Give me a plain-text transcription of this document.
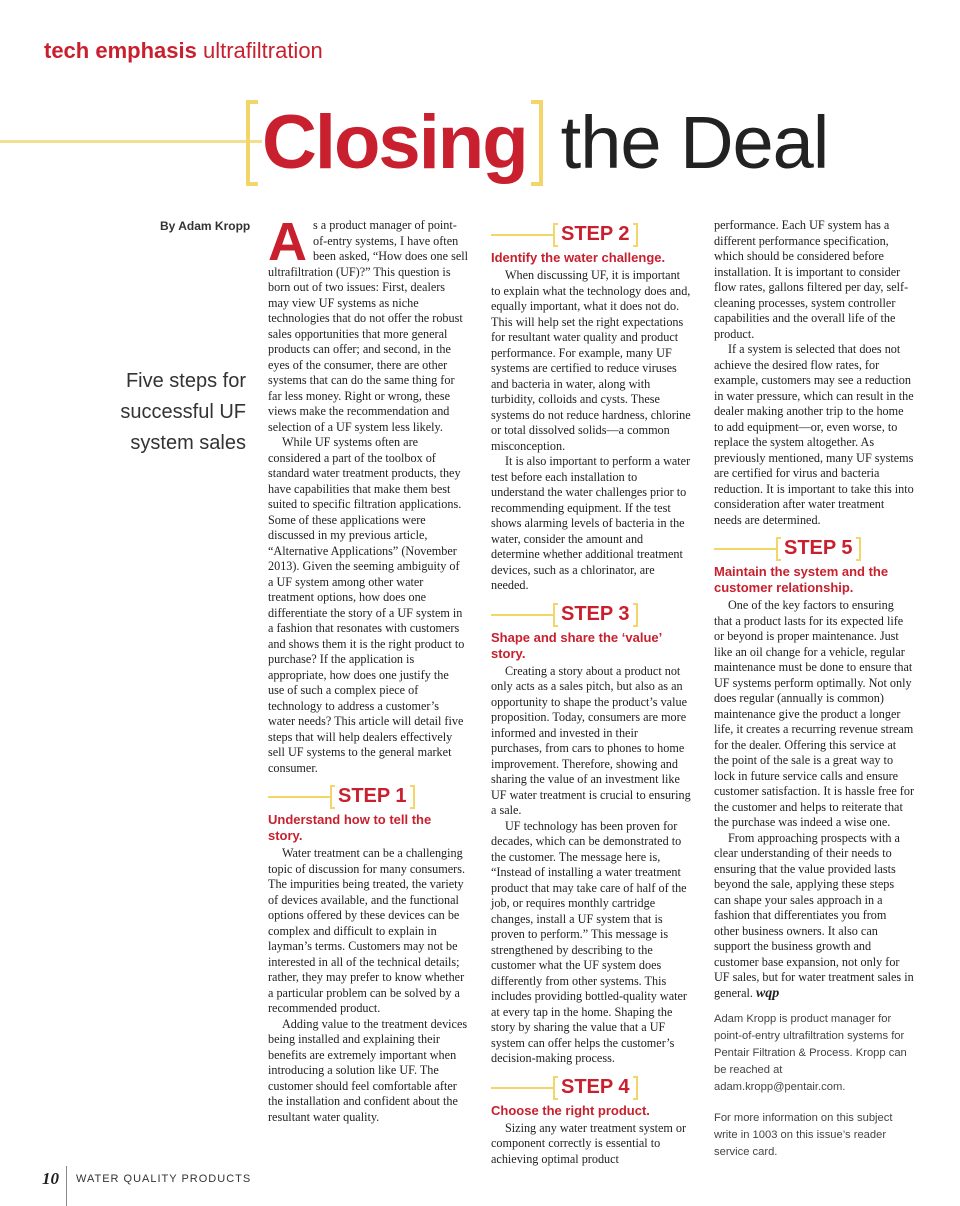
tech emphasis ultrafiltration
Closing the Deal
By Adam Kropp
Five steps for
successful UF
system sales

As a product manager of point-of-entry systems, I have often been asked, “How does one sell ultrafiltration (UF)?” This question is born out of two issues: First, dealers may view UF systems as niche technologies that do not offer the robust sales opportunities that more general products can offer; and second, in the eyes of the consumer, there are other systems that can do the same thing for far less money. Right or wrong, these views make the recommendation and selection of a UF system less likely.

While UF systems often are considered a part of the toolbox of standard water treatment products, they have capabilities that make them best suited to specific filtration applications. Some of these applications were discussed in my previous article, “Alternative Applications” (November 2013). Given the seeming ambiguity of a UF system among other water treatment options, how does one differentiate the story of a UF system in a fashion that resonates with customers and shows them it is the right product to purchase? If the application is appropriate, how does one justify the use of such a complex piece of technology to address a customer’s water needs? This article will detail five steps that will help dealers effectively sell UF systems to the general market consumer.

STEP 1
Understand how to tell the story.

Water treatment can be a challenging topic of discussion for many consumers. The impurities being treated, the variety of devices available, and the functional options offered by these devices can be complex and difficult to explain in layman’s terms. Customers may not be interested in all of the technical details; rather, they may prefer to know whether a particular problem can be solved by a recommended product.

Adding value to the treatment devices being installed and explaining their benefits are extremely important when introducing a solution like UF. The customer should feel comfortable after the installation and confident about the resultant water quality.

STEP 2
Identify the water challenge.

When discussing UF, it is important to explain what the technology does and, equally important, what it does not do. This will help set the right expectations for resultant water quality and product performance. For example, many UF systems are certified to reduce viruses and bacteria in water, along with turbidity, colloids and cysts. These systems do not reduce hardness, chlorine or total dissolved solids—a common misconception.

It is also important to perform a water test before each installation to understand the water challenges prior to recommending equipment. If the test shows alarming levels of bacteria in the water, consider the amount and determine whether additional treatment devices, such as a chlorinator, are needed.

STEP 3
Shape and share the ‘value’ story.

Creating a story about a product not only acts as a sales pitch, but also as an opportunity to shape the product’s value proposition. Today, consumers are more informed and invested in their purchases, from cars to phones to home improvement. Therefore, showing and sharing the value of an investment like UF water treatment is crucial to ensuring a sale.

UF technology has been proven for decades, which can be demonstrated to the customer. The message here is, “Instead of installing a water treatment product that may take care of half of the job, or requires monthly cartridge changes, install a UF system that is proven to perform.” This message is strengthened by describing to the customer what the UF system does differently from other systems. This includes providing bottled-quality water at every tap in the home. Shaping the story by sharing the value that a UF system can offer helps the customer’s decision-making process.

STEP 4
Choose the right product.

Sizing any water treatment system or component correctly is essential to achieving optimal product

performance. Each UF system has a different performance specification, which should be considered before installation. It is important to consider flow rates, gallons filtered per day, self-cleaning processes, system controller capabilities and the overall life of the product.

If a system is selected that does not achieve the desired flow rates, for example, customers may see a reduction in water pressure, which can result in the dealer making another trip to the home to add equipment—or, even worse, to replace the system altogether. As previously mentioned, many UF systems are certified for virus and bacteria reduction. It is important to take this into consideration after water treatment needs are determined.

STEP 5
Maintain the system and the customer relationship.

One of the key factors to ensuring that a product lasts for its expected life or beyond is proper maintenance. Just like an oil change for a vehicle, regular maintenance must be done to ensure that UF systems perform optimally. Not only does regular (annually is common) maintenance give the product a longer life, it creates a recurring revenue stream for the dealer. Offering this service at the point of the sale is a great way to lock in future service calls and ensure customer satisfaction. It is hassle free for the customer and helps to reiterate that the purchase was indeed a wise one.

From approaching prospects with a clear understanding of their needs to ensuring that the value provided lasts beyond the sale, applying these steps can shape your sales approach in a fashion that differentiates you from other business owners. It also can support the business growth and customer base expansion, not only for UF sales, but for water treatment sales in general. wqp

Adam Kropp is product manager for point-of-entry ultrafiltration systems for Pentair Filtration & Process. Kropp can be reached at adam.kropp@pentair.com.
For more information on this subject write in 1003 on this issue’s reader service card.
10 WATER QUALITY PRODUCTS
